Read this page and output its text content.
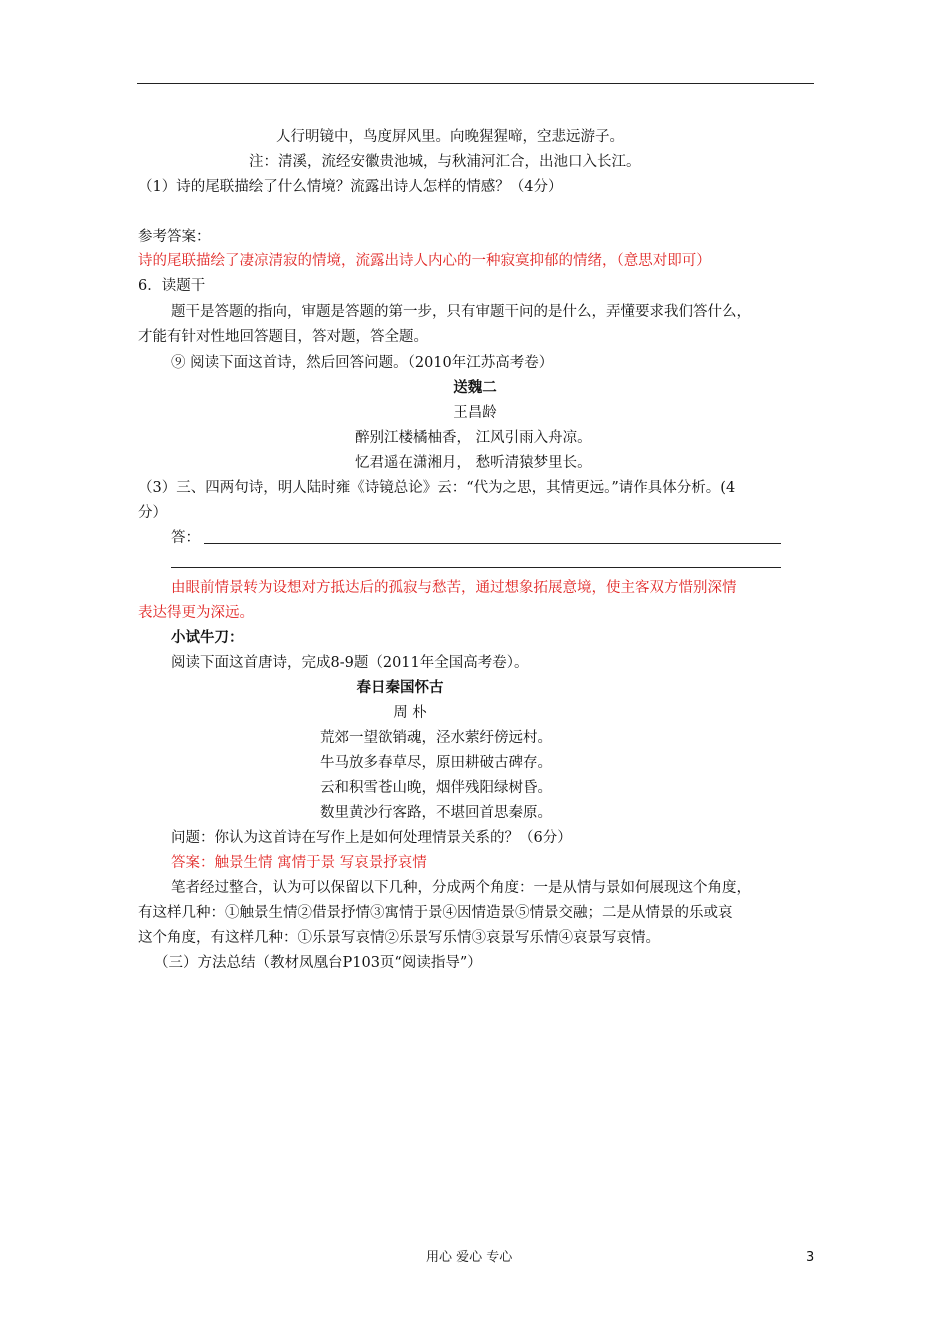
人行明镜中，鸟度屏风里。向晚猩猩啼，空悲远游子。
注：清溪，流经安徽贵池城，与秋浦河汇合，出池口入长江。
（1）诗的尾联描绘了什么情境？流露出诗人怎样的情感？（4分）
参考答案：
诗的尾联描绘了凄凉清寂的情境，流露出诗人内心的一种寂寞抑郁的情绪，（意思对即可）
6．读题干
题干是答题的指向，审题是答题的第一步，只有审题干问的是什么，弄懂要求我们答什么，
才能有针对性地回答题目，答对题，答全题。
⑨ 阅读下面这首诗，然后回答问题。（2010年江苏高考卷）
送魏二
王昌龄
醉别江楼橘柚香， 江风引雨入舟凉。
忆君遥在潇湘月， 愁听清猿梦里长。
（3）三、四两句诗，明人陆时雍《诗镜总论》云：“代为之思，其情更远。”请作具体分析。(4
分）
答：
由眼前情景转为设想对方抵达后的孤寂与愁苦，通过想象拓展意境，使主客双方惜别深情
表达得更为深远。
小试牛刀：
阅读下面这首唐诗，完成8-9题（2011年全国高考卷）。
春日秦国怀古
周 朴
荒郊一望欲销魂，泾水萦纡傍远村。
牛马放多春草尽，原田耕破古碑存。
云和积雪苍山晚，烟伴残阳绿树昏。
数里黄沙行客路，不堪回首思秦原。
问题：你认为这首诗在写作上是如何处理情景关系的？（6分）
答案：触景生情 寓情于景 写哀景抒哀情
笔者经过整合，认为可以保留以下几种，分成两个角度：一是从情与景如何展现这个角度，
有这样几种：①触景生情②借景抒情③寓情于景④因情造景⑤情景交融；二是从情景的乐或哀
这个角度，有这样几种：①乐景写哀情②乐景写乐情③哀景写乐情④哀景写哀情。
（三）方法总结（教材凤凰台P103页“阅读指导”）
用心 爱心 专心	3
